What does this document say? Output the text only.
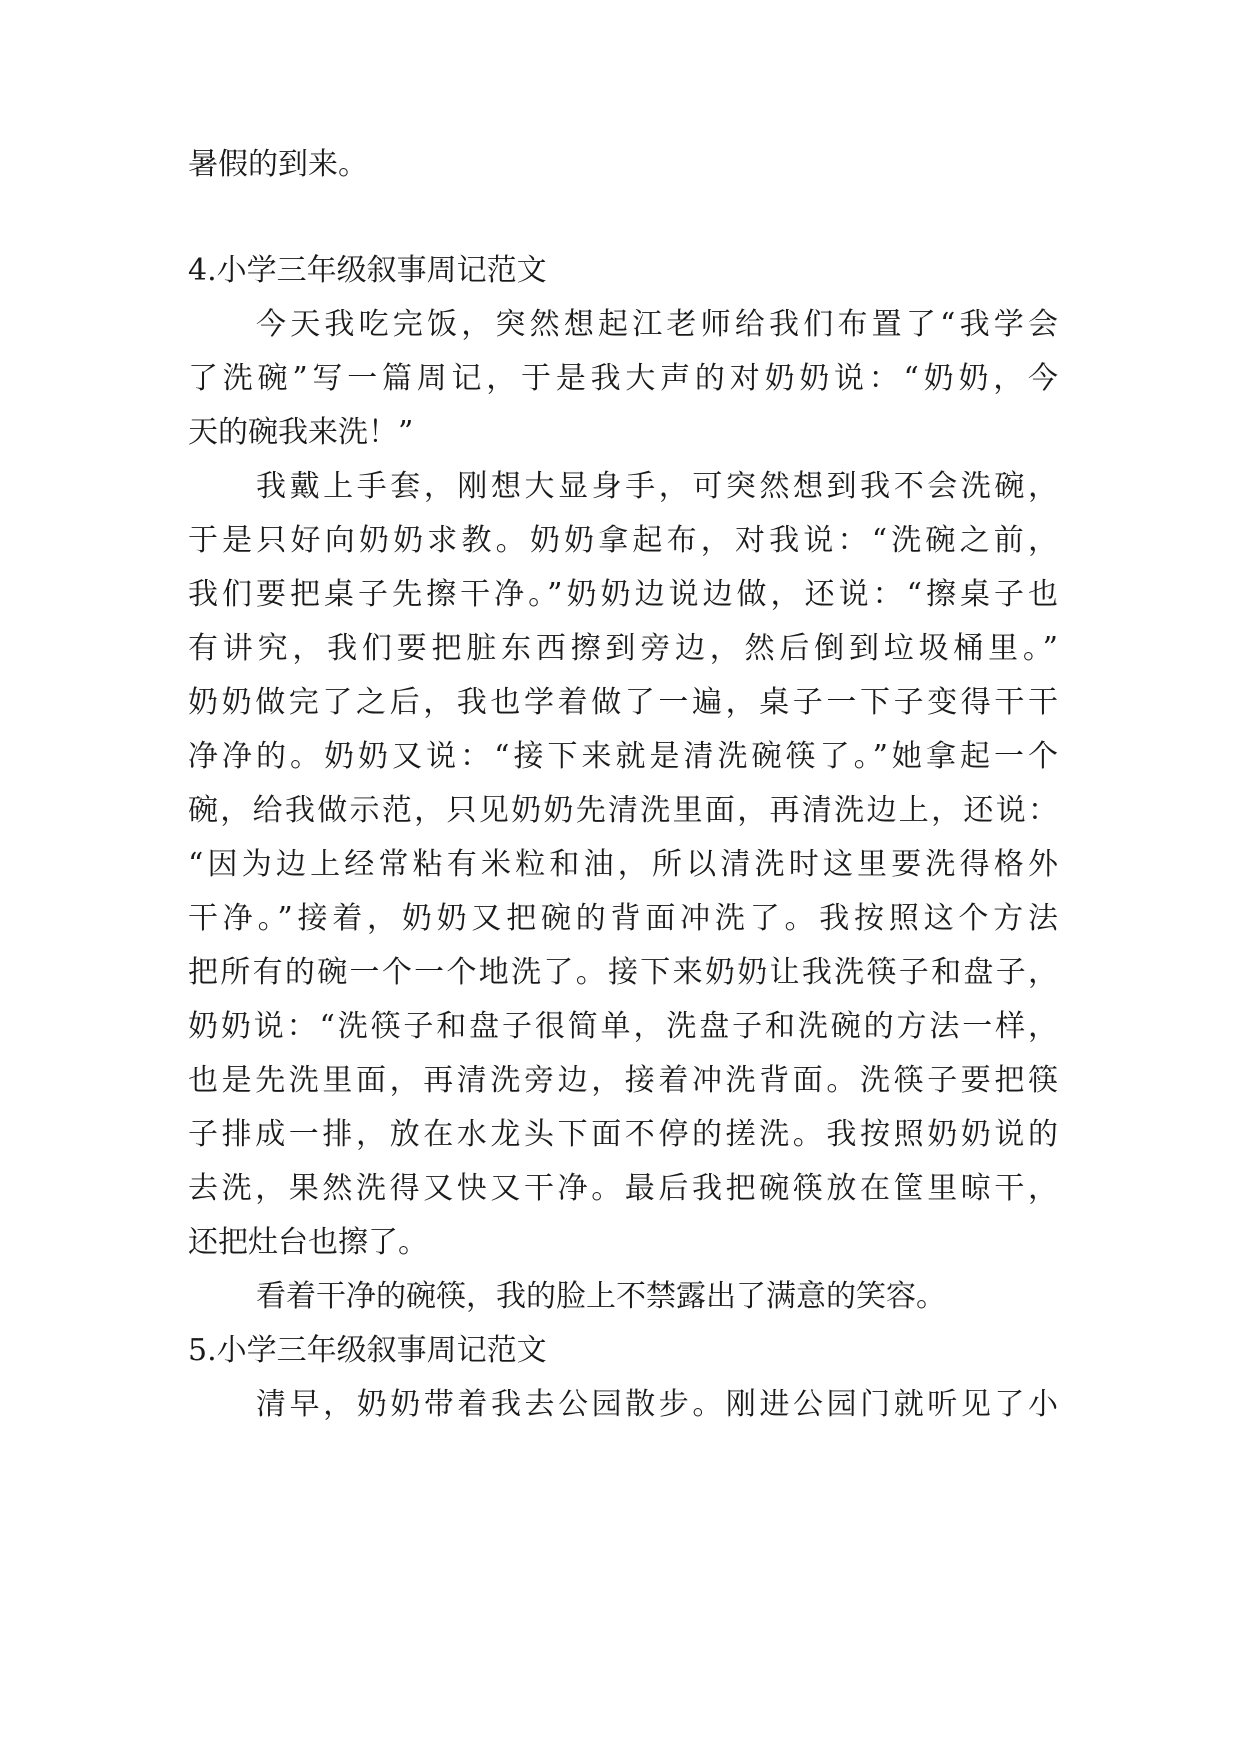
暑假的到来。
4.小学三年级叙事周记范文
今天我吃完饭，突然想起江老师给我们布置了“我学会
了洗碗”写一篇周记，于是我大声的对奶奶说：“奶奶，今
天的碗我来洗！”
我戴上手套，刚想大显身手，可突然想到我不会洗碗，
于是只好向奶奶求教。奶奶拿起布，对我说：“洗碗之前，
我们要把桌子先擦干净。”奶奶边说边做，还说：“擦桌子也
有讲究，我们要把脏东西擦到旁边，然后倒到垃圾桶里。”
奶奶做完了之后，我也学着做了一遍，桌子一下子变得干干
净净的。奶奶又说：“接下来就是清洗碗筷了。”她拿起一个
碗，给我做示范，只见奶奶先清洗里面，再清洗边上，还说：
“因为边上经常粘有米粒和油，所以清洗时这里要洗得格外
干净。”接着，奶奶又把碗的背面冲洗了。我按照这个方法
把所有的碗一个一个地洗了。接下来奶奶让我洗筷子和盘子，
奶奶说：“洗筷子和盘子很简单，洗盘子和洗碗的方法一样，
也是先洗里面，再清洗旁边，接着冲洗背面。洗筷子要把筷
子排成一排，放在水龙头下面不停的搓洗。我按照奶奶说的
去洗，果然洗得又快又干净。最后我把碗筷放在筐里晾干，
还把灶台也擦了。
看着干净的碗筷，我的脸上不禁露出了满意的笑容。
5.小学三年级叙事周记范文
清早，奶奶带着我去公园散步。刚进公园门就听见了小
